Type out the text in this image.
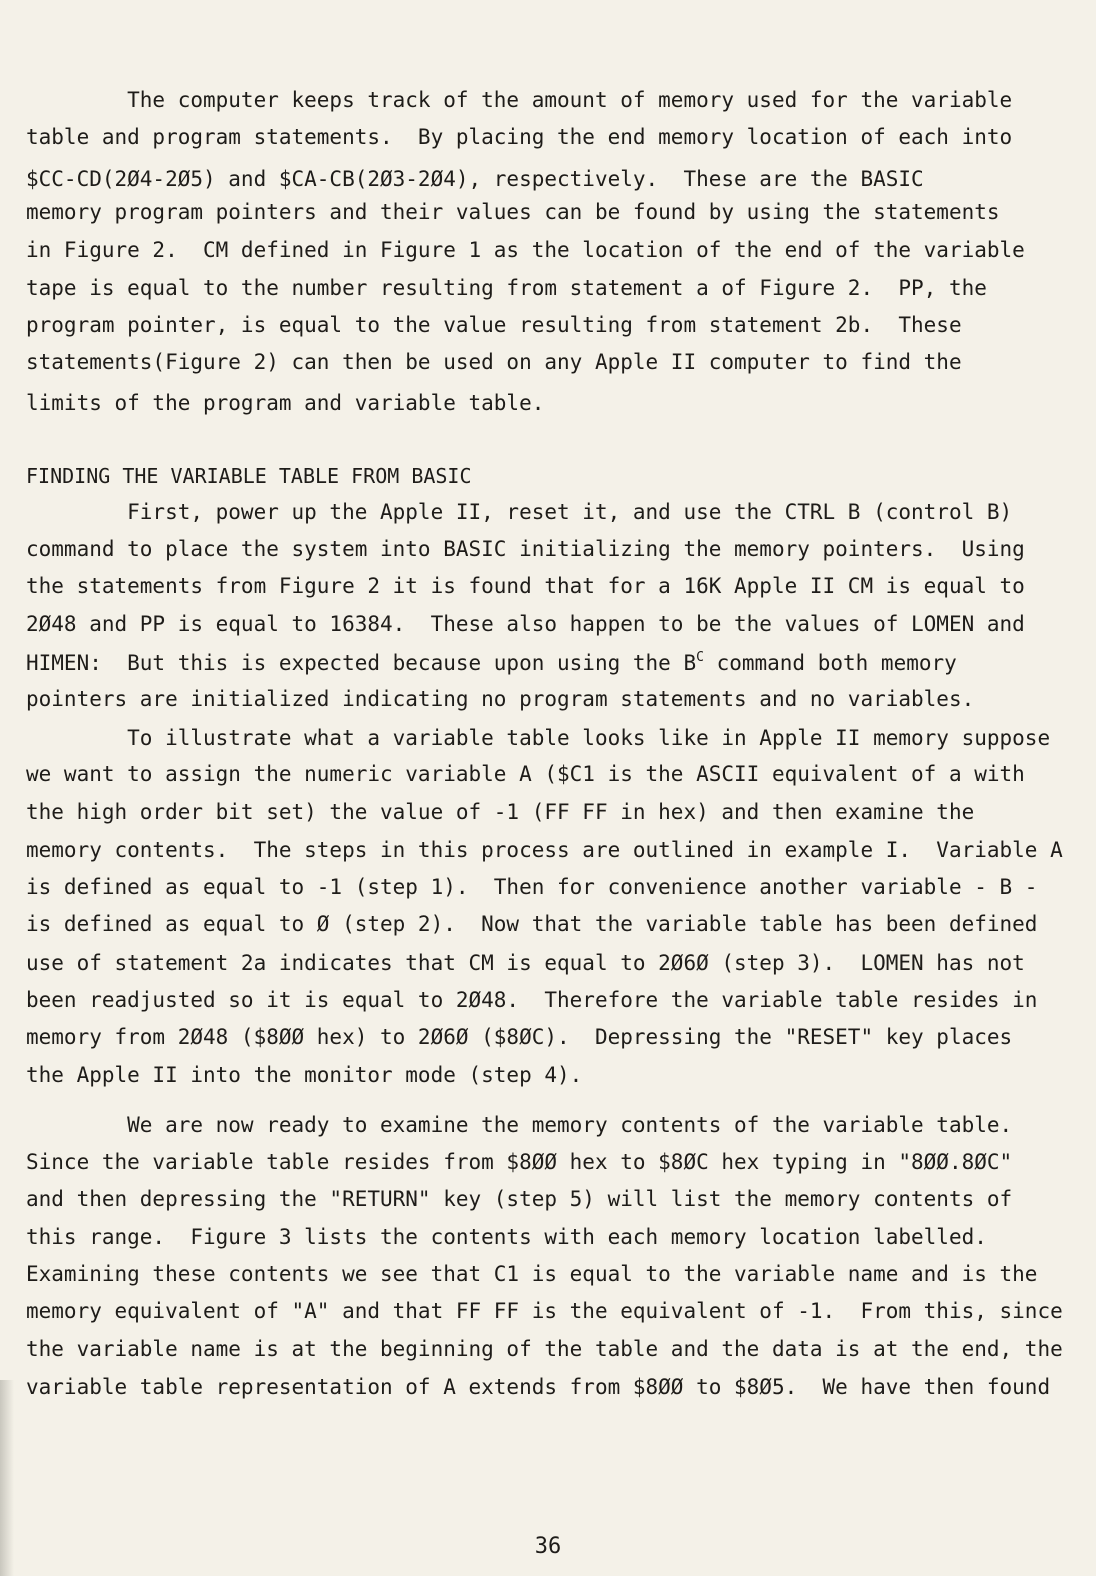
The computer keeps track of the amount of memory used for the variable
table and program statements.  By placing the end memory location of each into
$CC-CD(2Ø4-2Ø5) and $CA-CB(2Ø3-2Ø4), respectively.  These are the BASIC
memory program pointers and their values can be found by using the statements
in Figure 2.  CM defined in Figure 1 as the location of the end of the variable
tape is equal to the number resulting from statement a of Figure 2.  PP, the
program pointer, is equal to the value resulting from statement 2b.  These
statements(Figure 2) can then be used on any Apple II computer to find the
limits of the program and variable table.
FINDING THE VARIABLE TABLE FROM BASIC
First, power up the Apple II, reset it, and use the CTRL B (control B)
command to place the system into BASIC initializing the memory pointers.  Using
the statements from Figure 2 it is found that for a 16K Apple II CM is equal to
2Ø48 and PP is equal to 16384.  These also happen to be the values of LOMEN and
HIMEN:  But this is expected because upon using the $B^C$ command both memory
pointers are initialized indicating no program statements and no variables.
To illustrate what a variable table looks like in Apple II memory suppose
we want to assign the numeric variable A ($C1 is the ASCII equivalent of a with
the high order bit set) the value of -1 (FF FF in hex) and then examine the
memory contents.  The steps in this process are outlined in example I.  Variable A
is defined as equal to -1 (step 1).  Then for convenience another variable - B -
is defined as equal to Ø (step 2).  Now that the variable table has been defined
use of statement 2a indicates that CM is equal to 2Ø6Ø (step 3).  LOMEN has not
been readjusted so it is equal to 2Ø48.  Therefore the variable table resides in
memory from 2Ø48 ($8ØØ hex) to 2Ø6Ø ($8ØC).  Depressing the "RESET" key places
the Apple II into the monitor mode (step 4).
We are now ready to examine the memory contents of the variable table.
Since the variable table resides from $8ØØ hex to $8ØC hex typing in "8ØØ.8ØC"
and then depressing the "RETURN" key (step 5) will list the memory contents of
this range.  Figure 3 lists the contents with each memory location labelled.
Examining these contents we see that C1 is equal to the variable name and is the
memory equivalent of "A" and that FF FF is the equivalent of -1.  From this, since
the variable name is at the beginning of the table and the data is at the end, the
variable table representation of A extends from $8ØØ to $8Ø5.  We have then found
36
